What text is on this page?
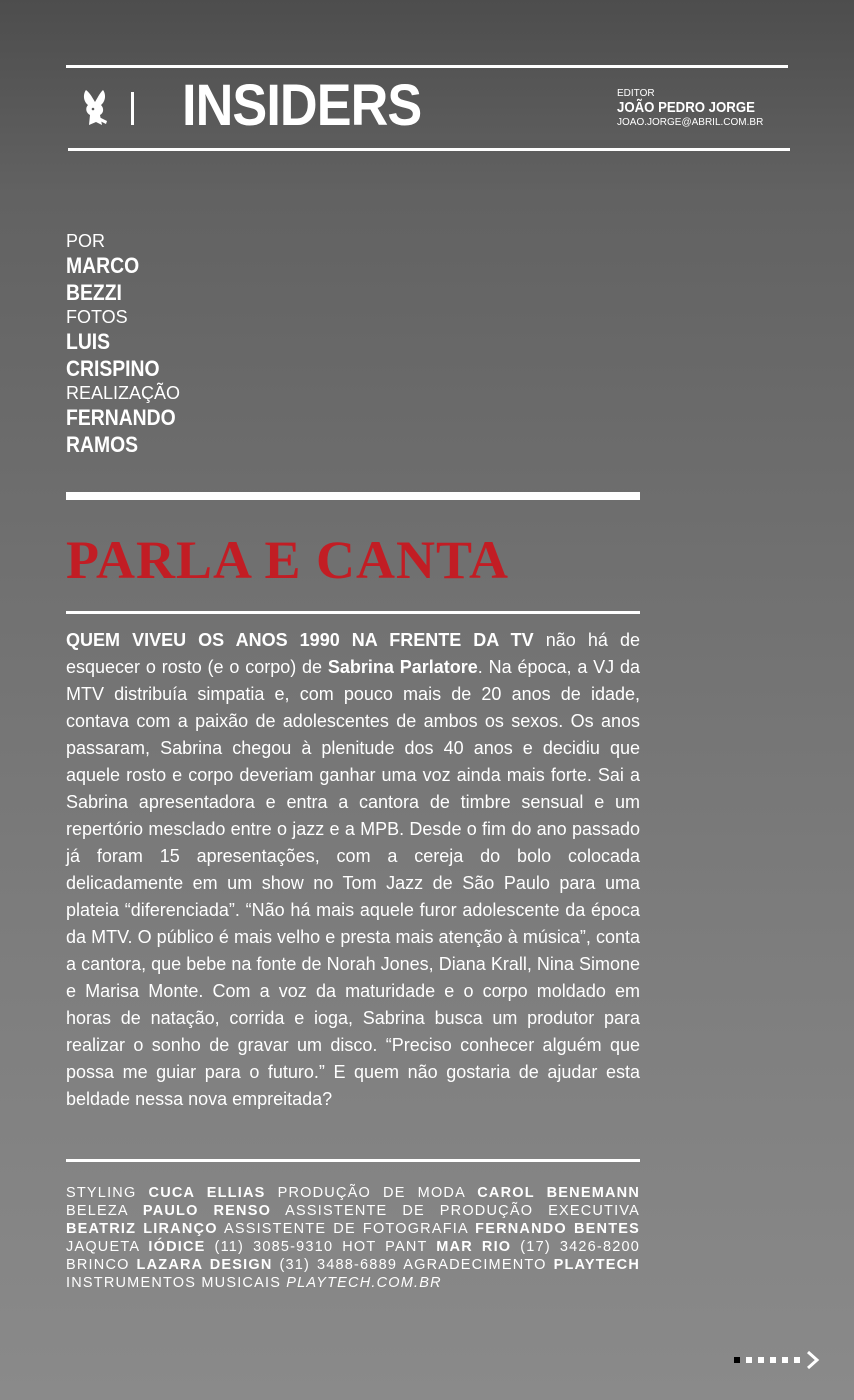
INSIDERS	EDITOR
JOÃO PEDRO JORGE
JOAO.JORGE@ABRIL.COM.BR
POR
MARCO
BEZZI
FOTOS
LUIS
CRISPINO
REALIZAÇÃO
FERNANDO
RAMOS
PARLA E CANTA
QUEM VIVEU OS ANOS 1990 NA FRENTE DA TV não há de esquecer o rosto (e o corpo) de Sabrina Parlatore. Na época, a VJ da MTV distribuía simpatia e, com pouco mais de 20 anos de idade, contava com a paixão de adolescentes de ambos os sexos. Os anos passaram, Sabrina chegou à plenitude dos 40 anos e decidiu que aquele rosto e corpo deveriam ganhar uma voz ainda mais forte. Sai a Sabrina apresentadora e entra a cantora de timbre sensual e um repertório mesclado entre o jazz e a MPB. Desde o fim do ano passado já foram 15 apresentações, com a cereja do bolo colocada delicadamente em um show no Tom Jazz de São Paulo para uma plateia “diferenciada”. “Não há mais aquele furor adolescente da época da MTV. O público é mais velho e presta mais atenção à música”, conta a cantora, que bebe na fonte de Norah Jones, Diana Krall, Nina Simone e Marisa Monte. Com a voz da maturidade e o corpo moldado em horas de natação, corrida e ioga, Sabrina busca um produtor para realizar o sonho de gravar um disco. “Preciso conhecer alguém que possa me guiar para o futuro.” E quem não gostaria de ajudar esta beldade nessa nova empreitada?
STYLING CUCA ELLIAS PRODUÇÃO DE MODA CAROL BENEMANN BELEZA PAULO RENSO ASSISTENTE DE PRODUÇÃO EXECUTIVA BEATRIZ LIRANÇO ASSISTENTE DE FOTOGRAFIA FERNANDO BENTES JAQUETA IÓDICE (11) 3085-9310 HOT PANT MAR RIO (17) 3426-8200 BRINCO LAZARA DESIGN (31) 3488-6889 AGRADECIMENTO PLAYTECH INSTRUMENTOS MUSICAIS PLAYTECH.COM.BR
